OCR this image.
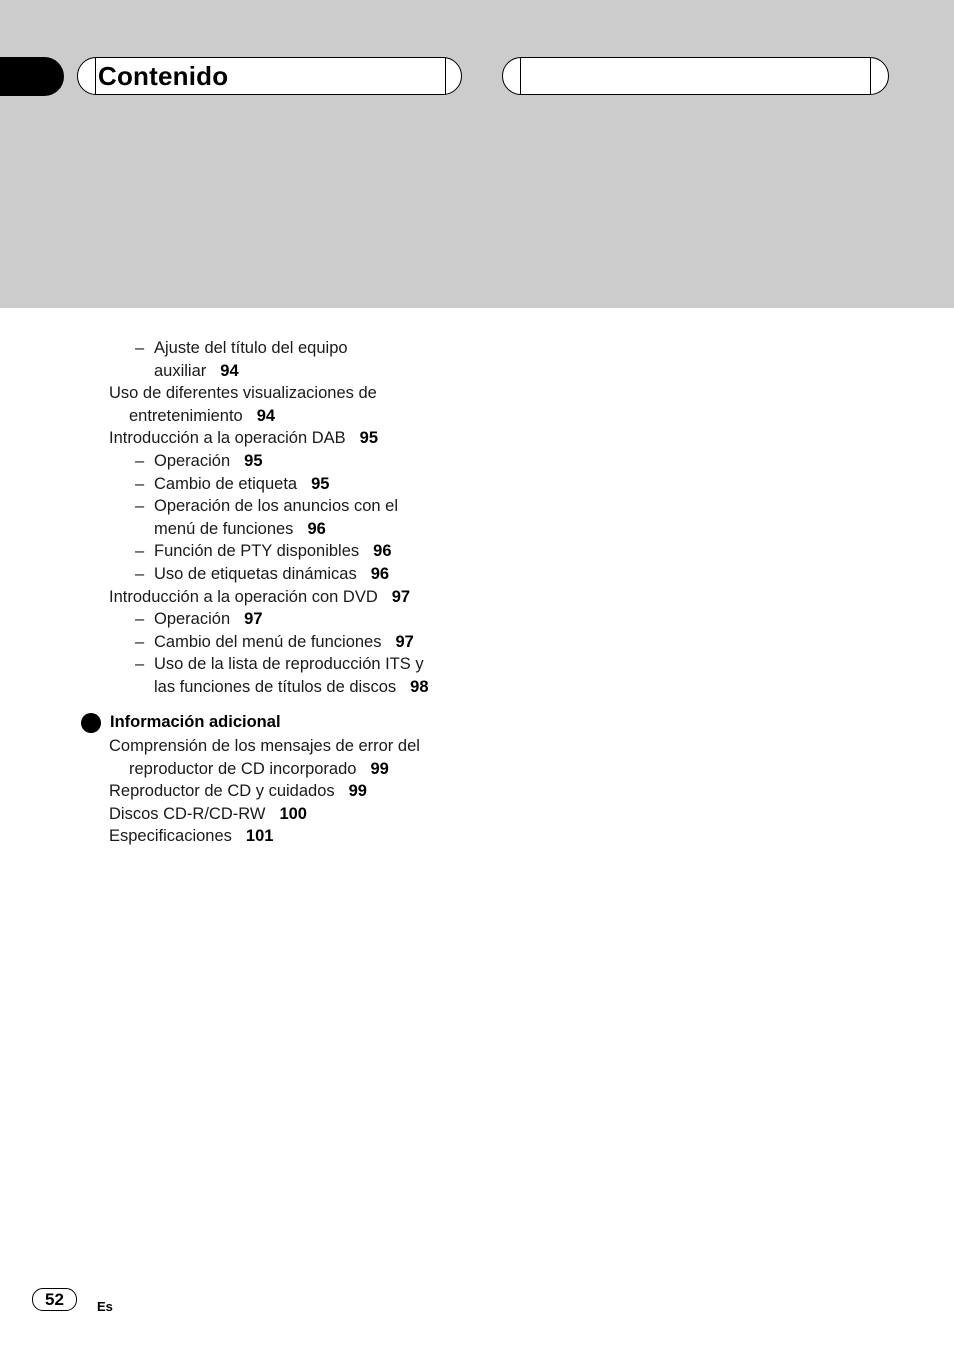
Contenido
– Ajuste del título del equipo
auxiliar 94
Uso de diferentes visualizaciones de
entretenimiento 94
Introducción a la operación DAB 95
– Operación 95
– Cambio de etiqueta 95
– Operación de los anuncios con el
menú de funciones 96
– Función de PTY disponibles 96
– Uso de etiquetas dinámicas 96
Introducción a la operación con DVD 97
– Operación 97
– Cambio del menú de funciones 97
– Uso de la lista de reproducción ITS y
las funciones de títulos de discos 98
Información adicional
Comprensión de los mensajes de error del
reproductor de CD incorporado 99
Reproductor de CD y cuidados 99
Discos CD-R/CD-RW 100
Especificaciones 101
52	Es
